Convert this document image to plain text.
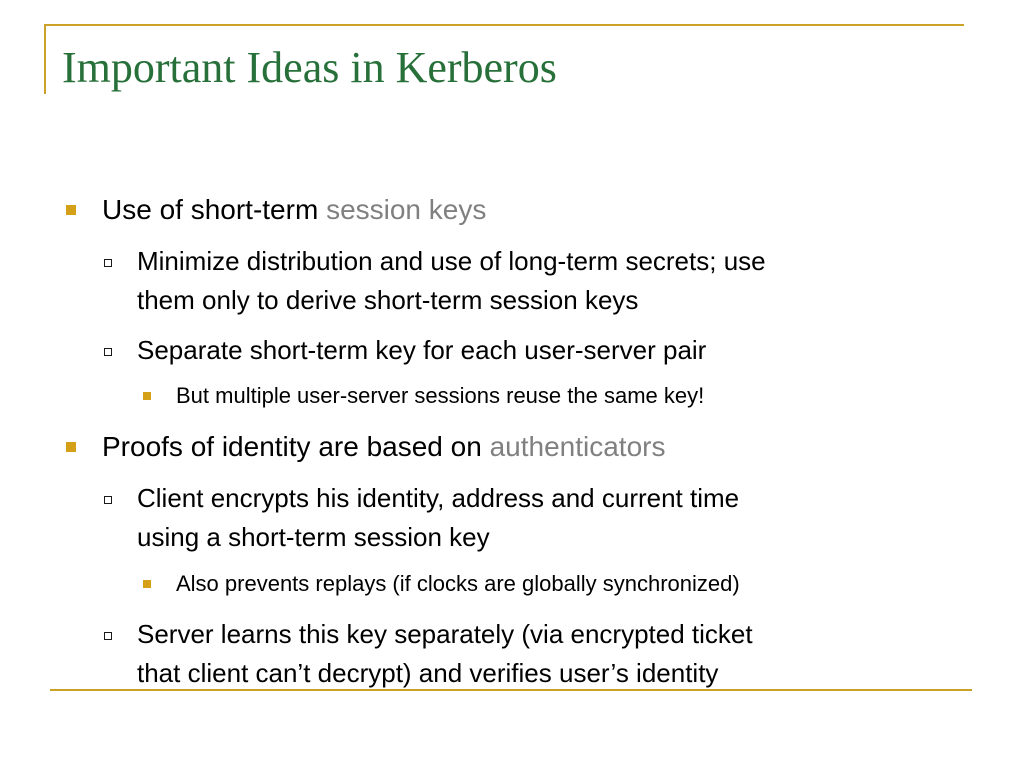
Important Ideas in Kerberos
Use of short-term session keys
Minimize distribution and use of long-term secrets; use
them only to derive short-term session keys
Separate short-term key for each user-server pair
But multiple user-server sessions reuse the same key!
Proofs of identity are based on authenticators
Client encrypts his identity, address and current time
using a short-term session key
Also prevents replays (if clocks are globally synchronized)
Server learns this key separately (via encrypted ticket
that client can’t decrypt) and verifies user’s identity
